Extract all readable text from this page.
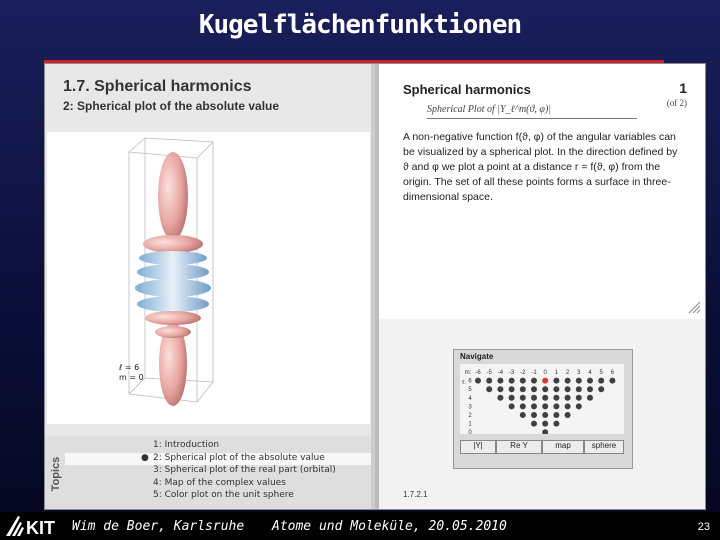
Kugelflächenfunktionen
1.7. Spherical harmonics
2: Spherical plot of the absolute value
ℓ = 6
m = 0
Topics
1: Introduction
● 2: Spherical plot of the absolute value
3: Spherical plot of the real part (orbital)
4: Map of the complex values
5: Color plot on the unit sphere
Spherical harmonics	1
(of 2)
Spherical Plot of |Y_ℓ^m(ϑ, φ)|
A non-negative function f(ϑ, φ) of the angular variables can be visualized by a spherical plot. In the direction defined by ϑ and φ we plot a point at a distance r = f(ϑ, φ) from the origin. The set of all these points forms a surface in three-dimensional space.
Navigate
m: -6 -5 -4 -3 -2 -1 0 1 2 3 4 5 6
ℓ: 6
5
4
3
2
1
0
|Y|	Re Y	map	sphere
1.7.2.1
KIT Wim de Boer, Karlsruhe Atome und Moleküle, 20.05.2010	23
